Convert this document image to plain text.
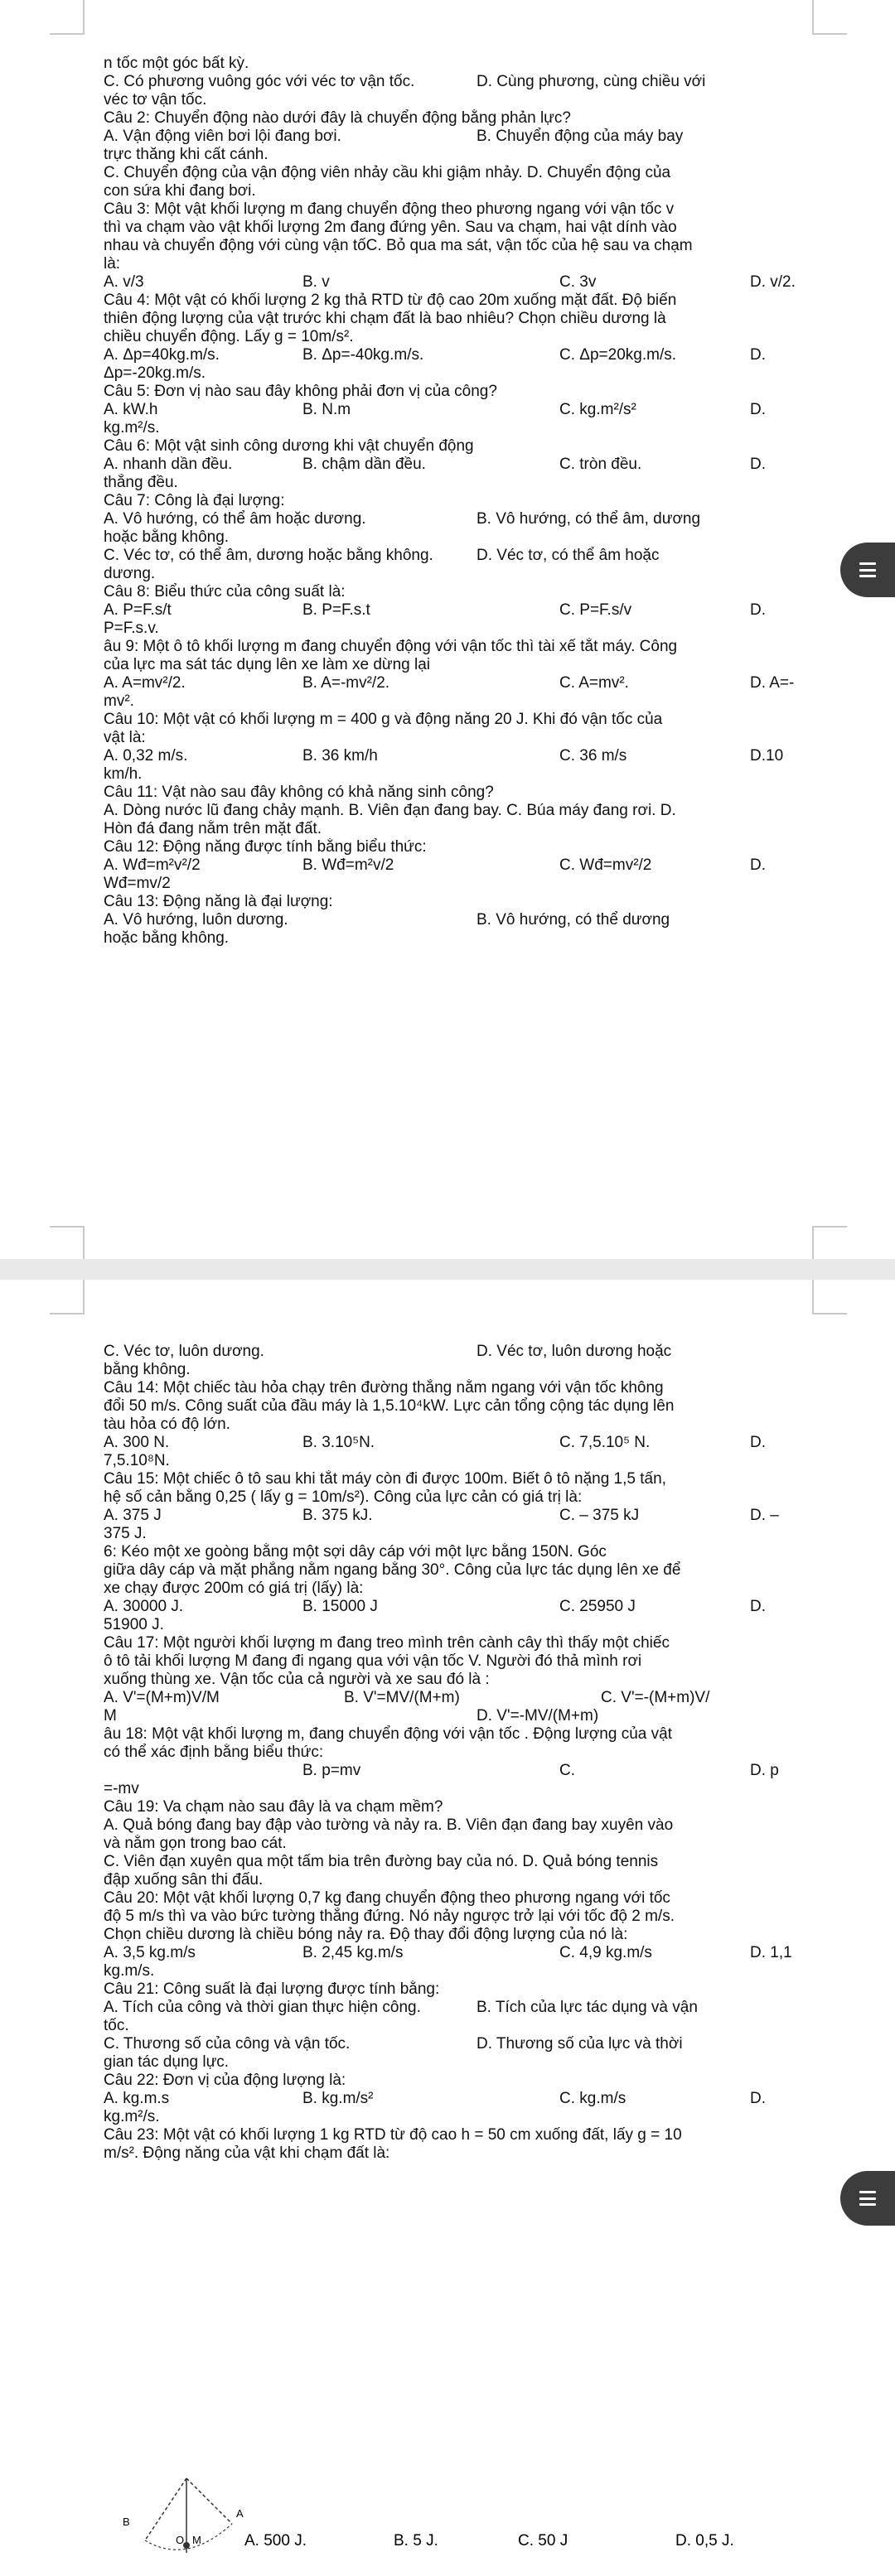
n tốc một góc bất kỳ.
C. Có phương vuông góc với véc tơ vận tốc.	D. Cùng phương, cùng chiều với
véc tơ vận tốc.
Câu 2: Chuyển động nào dưới đây là chuyển động bằng phản lực?
A. Vận động viên bơi lội đang bơi.	B. Chuyển động của máy bay
trực thăng khi cất cánh.
C. Chuyển động của vận động viên nhảy cầu khi giậm nhảy. D. Chuyển động của
con sứa khi đang bơi.
Câu 3: Một vật khối lượng m đang chuyển động theo phương ngang với vận tốc v
thì va chạm vào vật khối lượng 2m đang đứng yên. Sau va chạm, hai vật dính vào
nhau và chuyển động với cùng vận tốC. Bỏ qua ma sát, vận tốc của hệ sau va chạm
là:
A. v/3	B. v	C. 3v	D. v/2.
Câu 4: Một vật có khối lượng 2 kg thả RTD từ độ cao 20m xuống mặt đất. Độ biến
thiên động lượng của vật trước khi chạm đất là bao nhiêu? Chọn chiều dương là
chiều chuyển động. Lấy g = 10m/s².
A. Δp=40kg.m/s.	B. Δp=-40kg.m/s.	C. Δp=20kg.m/s.	D.
Δp=-20kg.m/s.
Câu 5: Đơn vị nào sau đây không phải đơn vị của công?
A. kW.h	B. N.m	C. kg.m²/s²	D.
kg.m²/s.
Câu 6: Một vật sinh công dương khi vật chuyển động
A. nhanh dần đều.	B. chậm dần đều.	C. tròn đều.	D.
thẳng đều.
Câu 7: Công là đại lượng:
A. Vô hướng, có thể âm hoặc dương.	B. Vô hướng, có thể âm, dương
hoặc bằng không.
C. Véc tơ, có thể âm, dương hoặc bằng không.	D. Véc tơ, có thể âm hoặc
dương.
Câu 8: Biểu thức của công suất là:
A. P=F.s/t	B. P=F.s.t	C. P=F.s/v	D.
P=F.s.v.
âu 9: Một ô tô khối lượng m đang chuyển động với vận tốc thì tài xế tắt máy. Công
của lực ma sát tác dụng lên xe làm xe dừng lại
A. A=mv²/2.	B. A=-mv²/2.	C. A=mv².	D. A=-
mv².
Câu 10: Một vật có khối lượng m = 400 g và động năng 20 J. Khi đó vận tốc của
vật là:
A. 0,32 m/s.	B. 36 km/h	C. 36 m/s	D.10
km/h.
Câu 11: Vật nào sau đây không có khả năng sinh công?
A. Dòng nước lũ đang chảy mạnh. B. Viên đạn đang bay. C. Búa máy đang rơi. D.
Hòn đá đang nằm trên mặt đất.
Câu 12: Động năng được tính bằng biểu thức:
A. Wđ=m²v²/2	B. Wđ=m²v/2	C. Wđ=mv²/2	D.
Wđ=mv/2
Câu 13: Động năng là đại lượng:
A. Vô hướng, luôn dương.	B. Vô hướng, có thể dương
hoặc bằng không.
C. Véc tơ, luôn dương.	D. Véc tơ, luôn dương hoặc
bằng không.
Câu 14: Một chiếc tàu hỏa chạy trên đường thẳng nằm ngang với vận tốc không
đổi 50 m/s. Công suất của đầu máy là 1,5.10⁴kW. Lực cản tổng cộng tác dụng lên
tàu hỏa có độ lớn.
A. 300 N.	B. 3.10⁵N.	C. 7,5.10⁵ N.	D.
7,5.10⁸N.
Câu 15: Một chiếc ô tô sau khi tắt máy còn đi được 100m. Biết ô tô nặng 1,5 tấn,
hệ số cản bằng 0,25 ( lấy g = 10m/s²). Công của lực cản có giá trị là:
A. 375 J	B. 375 kJ.	C. – 375 kJ	D. –
375 J.
6: Kéo một xe goòng bằng một sợi dây cáp với một lực bằng 150N. Góc
giữa dây cáp và mặt phẳng nằm ngang bằng 30°. Công của lực tác dụng lên xe để
xe chạy được 200m có giá trị (lấy) là:
A. 30000 J.	B. 15000 J	C. 25950 J	D.
51900 J.
Câu 17: Một người khối lượng m đang treo mình trên cành cây thì thấy một chiếc
ô tô tải khối lượng M đang đi ngang qua với vận tốc V. Người đó thả mình rơi
xuống thùng xe. Vận tốc của cả người và xe sau đó là :
A. V'=(M+m)V/M	B. V'=MV/(M+m)	C. V'=-(M+m)V/
M	D. V'=-MV/(M+m)
âu 18: Một vật khối lượng m, đang chuyển động với vận tốc . Động lượng của vật
có thể xác định bằng biểu thức:
B. p=mv	C.	D. p
=-mv
Câu 19: Va chạm nào sau đây là va chạm mềm?
A. Quả bóng đang bay đập vào tường và nảy ra. B. Viên đạn đang bay xuyên vào
và nằm gọn trong bao cát.
C. Viên đạn xuyên qua một tấm bia trên đường bay của nó. D. Quả bóng tennis
đập xuống sân thi đấu.
Câu 20: Một vật khối lượng 0,7 kg đang chuyển động theo phương ngang với tốc
độ 5 m/s thì va vào bức tường thẳng đứng. Nó nảy ngược trở lại với tốc độ 2 m/s.
Chọn chiều dương là chiều bóng nảy ra. Độ thay đổi động lượng của nó là:
A. 3,5 kg.m/s	B. 2,45 kg.m/s	C. 4,9 kg.m/s	D. 1,1
kg.m/s.
Câu 21: Công suất là đại lượng được tính bằng:
A. Tích của công và thời gian thực hiện công.	B. Tích của lực tác dụng và vận
tốc.
C. Thương số của công và vận tốc.	D. Thương số của lực và thời
gian tác dụng lực.
Câu 22: Đơn vị của động lượng là:
A. kg.m.s	B. kg.m/s²	C. kg.m/s	D.
kg.m²/s.
Câu 23: Một vật có khối lượng 1 kg RTD từ độ cao h = 50 cm xuống đất, lấy g = 10
m/s². Động năng của vật khi chạm đất là:
B
A
O M	A. 500 J.	B. 5 J.	C. 50 J	D. 0,5 J.
